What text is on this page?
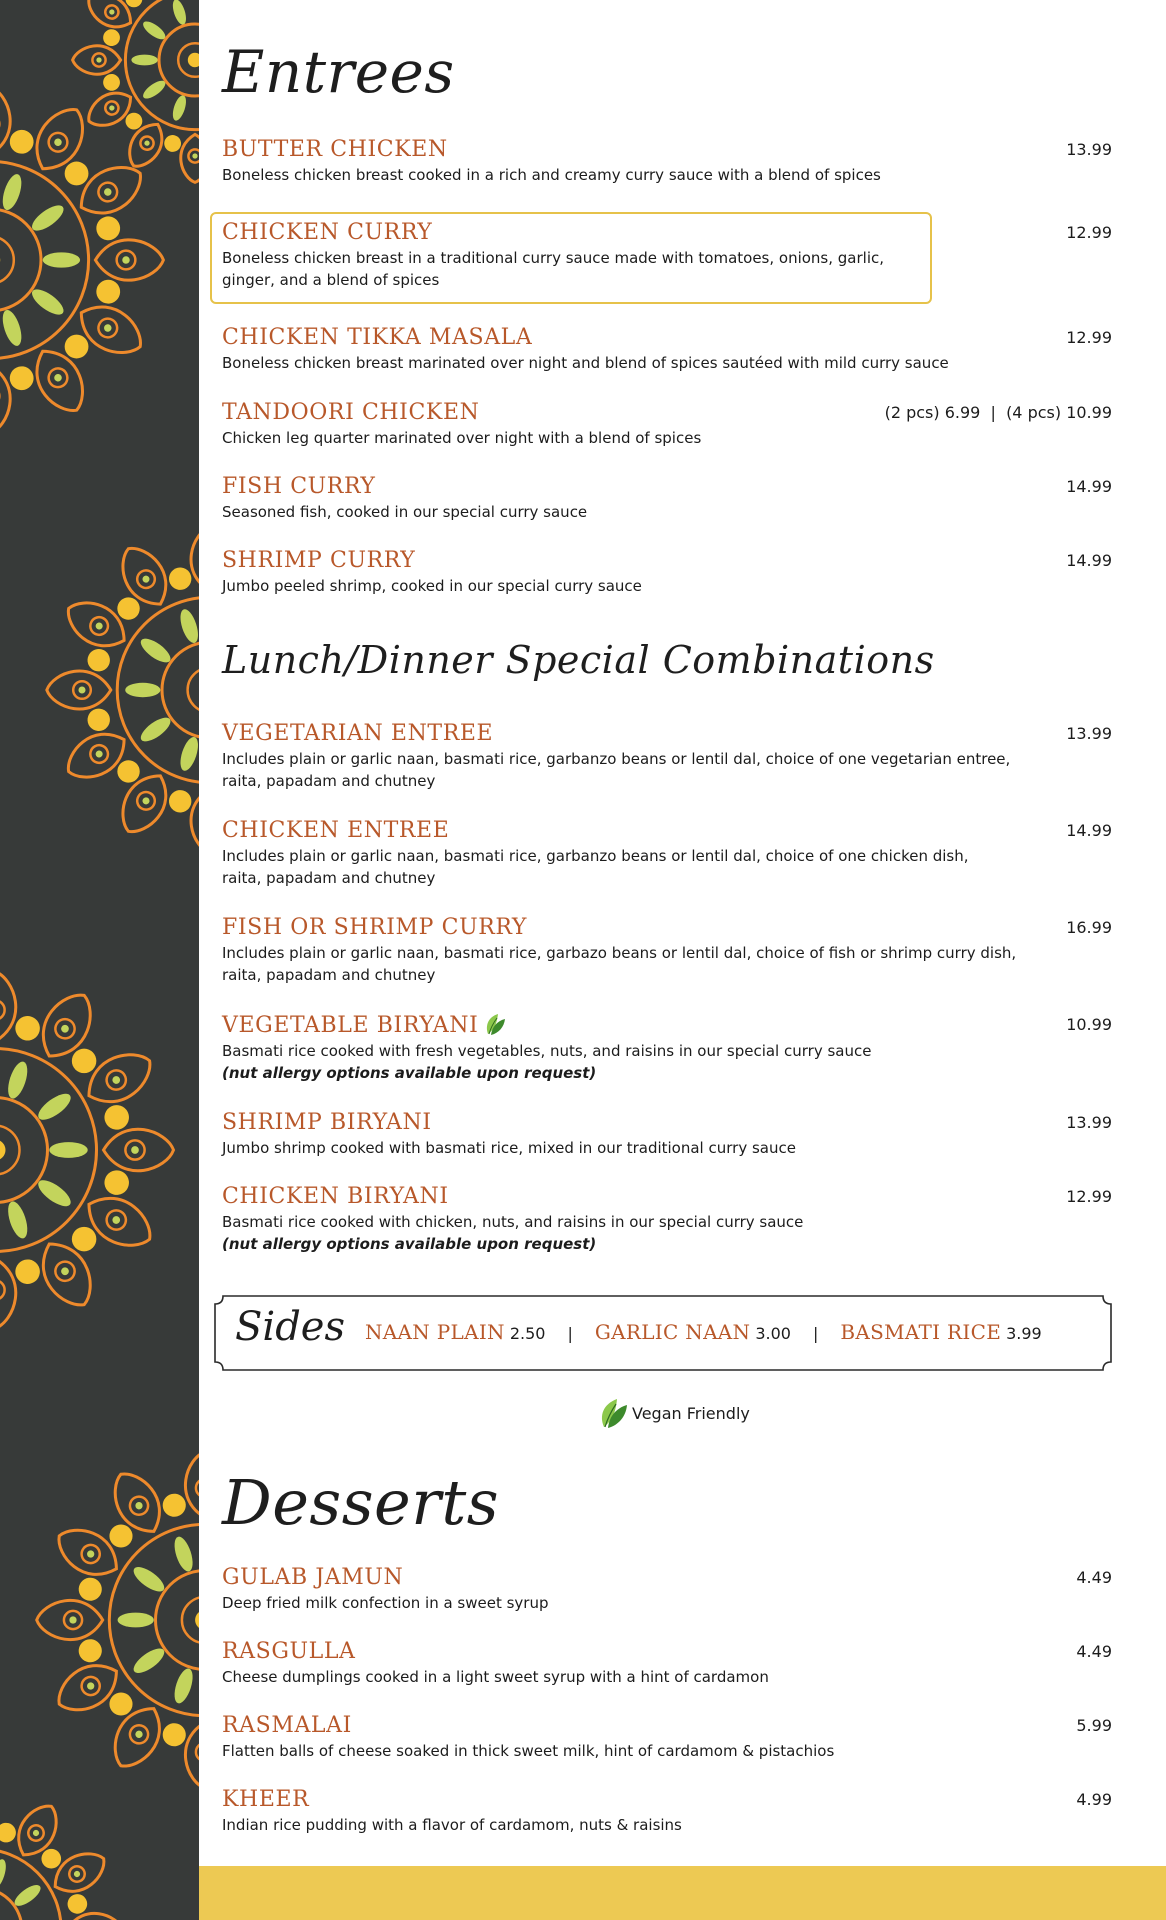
Entrees
BUTTER CHICKEN
Boneless chicken breast cooked in a rich and creamy curry sauce with a blend of spices
13.99
CHICKEN CURRY
Boneless chicken breast in a traditional curry sauce made with tomatoes, onions, garlic, ginger, and a blend of spices
12.99
CHICKEN TIKKA MASALA
Boneless chicken breast marinated over night and blend of spices sautéed with mild curry sauce
12.99
TANDOORI CHICKEN
Chicken leg quarter marinated over night with a blend of spices
(2 pcs) 6.99  |  (4 pcs) 10.99
FISH CURRY
Seasoned fish, cooked in our special curry sauce
14.99
SHRIMP CURRY
Jumbo peeled shrimp, cooked in our special curry sauce
14.99
Lunch/Dinner Special Combinations
VEGETARIAN ENTREE
Includes plain or garlic naan, basmati rice, garbanzo beans or lentil dal, choice of one vegetarian entree, raita, papadam and chutney
13.99
CHICKEN ENTREE
Includes plain or garlic naan, basmati rice, garbanzo beans or lentil dal, choice of one chicken dish, raita, papadam and chutney
14.99
FISH OR SHRIMP CURRY
Includes plain or garlic naan, basmati rice, garbazo beans or lentil dal, choice of fish or shrimp curry dish, raita, papadam and chutney
16.99
VEGETABLE BIRYANI
Basmati rice cooked with fresh vegetables, nuts, and raisins in our special curry sauce
(nut allergy options available upon request)
10.99
SHRIMP BIRYANI
Jumbo shrimp cooked with basmati rice, mixed in our traditional curry sauce
13.99
CHICKEN BIRYANI
Basmati rice cooked with chicken, nuts, and raisins in our special curry sauce
(nut allergy options available upon request)
12.99
Sides NAAN PLAIN 2.50 | GARLIC NAAN 3.00 | BASMATI RICE 3.99
Vegan Friendly
Desserts
GULAB JAMUN
Deep fried milk confection in a sweet syrup
4.49
RASGULLA
Cheese dumplings cooked in a light sweet syrup with a hint of cardamon
4.49
RASMALAI
Flatten balls of cheese soaked in thick sweet milk, hint of cardamom & pistachios
5.99
KHEER
Indian rice pudding with a flavor of cardamom, nuts & raisins
4.99
